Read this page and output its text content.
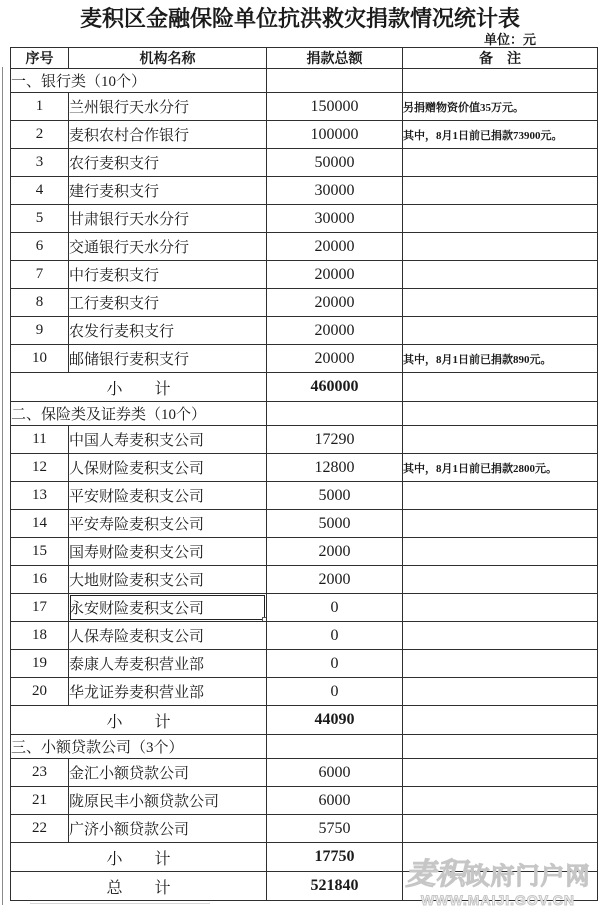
麦积区金融保险单位抗洪救灾捐款情况统计表
单位：元
序号	机构名称	捐款总额	备　注
一、银行类（10个）			
1	兰州银行天水分行	150000	另捐赠物资价值35万元。
2	麦积农村合作银行	100000	其中，8月1日前已捐款73900元。
3	农行麦积支行	50000	
4	建行麦积支行	30000	
5	甘肃银行天水分行	30000	
6	交通银行天水分行	20000	
7	中行麦积支行	20000	
8	工行麦积支行	20000	
9	农发行麦积支行	20000	
10	邮储银行麦积支行	20000	其中，8月1日前已捐款890元。
小　　计		460000	
二、保险类及证券类（10个）			
11	中国人寿麦积支公司	17290	
12	人保财险麦积支公司	12800	其中，8月1日前已捐款2800元。
13	平安财险麦积支公司	5000	
14	平安寿险麦积支公司	5000	
15	国寿财险麦积支公司	2000	
16	大地财险麦积支公司	2000	
17	永安财险麦积支公司	0	
18	人保寿险麦积支公司	0	
19	泰康人寿麦积营业部	0	
20	华龙证券麦积营业部	0	
小　　计		44090	
三、小额贷款公司（3个）			
23	金汇小额贷款公司	6000	
21	陇原民丰小额贷款公司	6000	
22	广济小额贷款公司	5750	
小　　计		17750	
总　　计		521840	麦积政府门户网
WWW.MAIJI.GOV.CN
